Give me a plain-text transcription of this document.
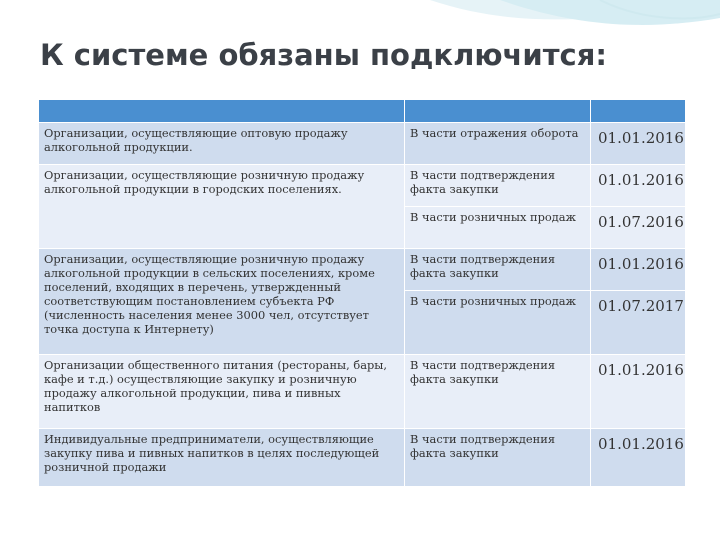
К системе обязаны подключится:

Организации, осуществляющие оптовую продажу алкогольной продукции.	В части отражения оборота	01.01.2016
Организации, осуществляющие розничную продажу алкогольной продукции в городских поселениях.	В части подтверждения факта закупки	01.01.2016
	В части розничных продаж	01.07.2016
Организации, осуществляющие розничную продажу алкогольной продукции в сельских поселениях, кроме поселений, входящих в перечень, утвержденный соответствующим постановлением субъекта РФ (численность населения менее 3000 чел, отсутствует точка доступа к Интернету)	В части подтверждения факта закупки	01.01.2016
	В части розничных продаж	01.07.2017
Организации общественного питания (рестораны, бары, кафе и т.д.) осуществляющие закупку и розничную продажу алкогольной продукции, пива и пивных напитков	В части подтверждения факта закупки	01.01.2016
Индивидуальные предприниматели, осуществляющие закупку пива и пивных напитков в целях последующей розничной продажи	В части подтверждения факта закупки	01.01.2016
